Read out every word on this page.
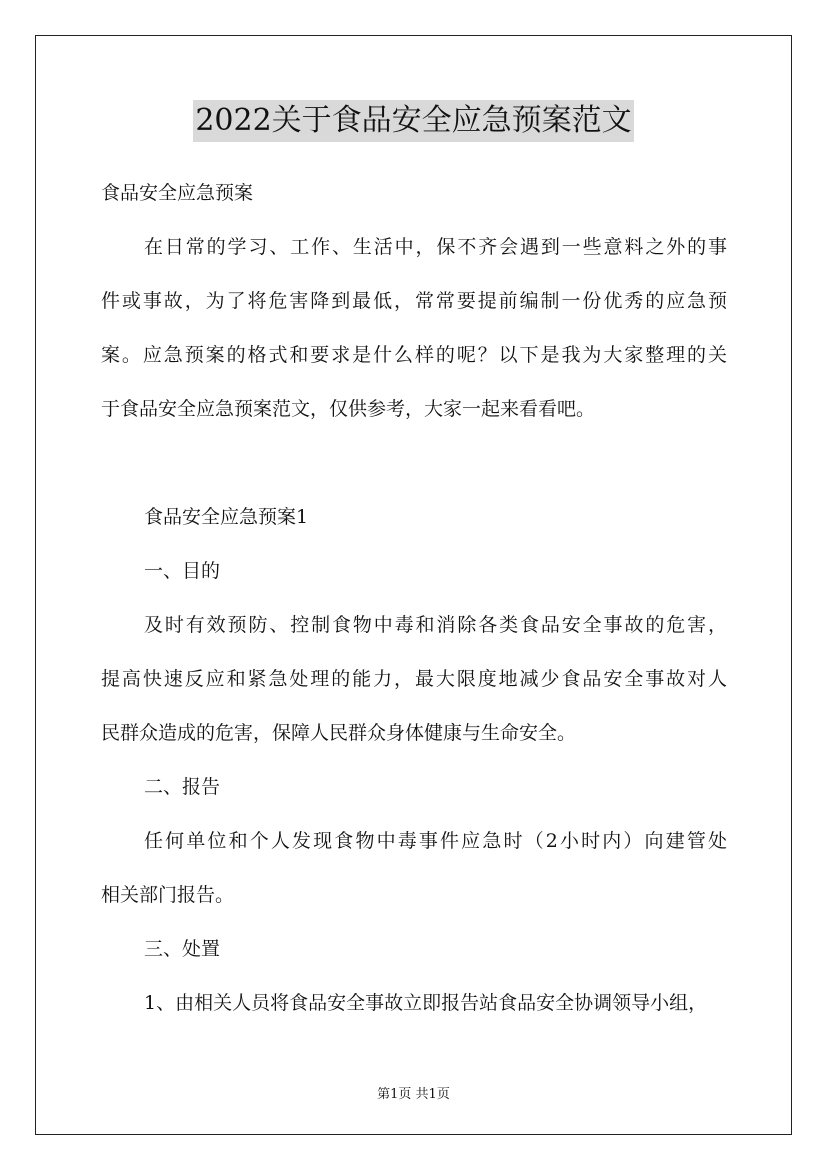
2022关于食品安全应急预案范文
食品安全应急预案
在日常的学习、工作、生活中，保不齐会遇到一些意料之外的事
件或事故，为了将危害降到最低，常常要提前编制一份优秀的应急预
案。应急预案的格式和要求是什么样的呢？以下是我为大家整理的关
于食品安全应急预案范文，仅供参考，大家一起来看看吧。
食品安全应急预案1
一、目的
及时有效预防、控制食物中毒和消除各类食品安全事故的危害，
提高快速反应和紧急处理的能力，最大限度地减少食品安全事故对人
民群众造成的危害，保障人民群众身体健康与生命安全。
二、报告
任何单位和个人发现食物中毒事件应急时（2小时内）向建管处
相关部门报告。
三、处置
1、由相关人员将食品安全事故立即报告站食品安全协调领导小组，
第1页 共1页
